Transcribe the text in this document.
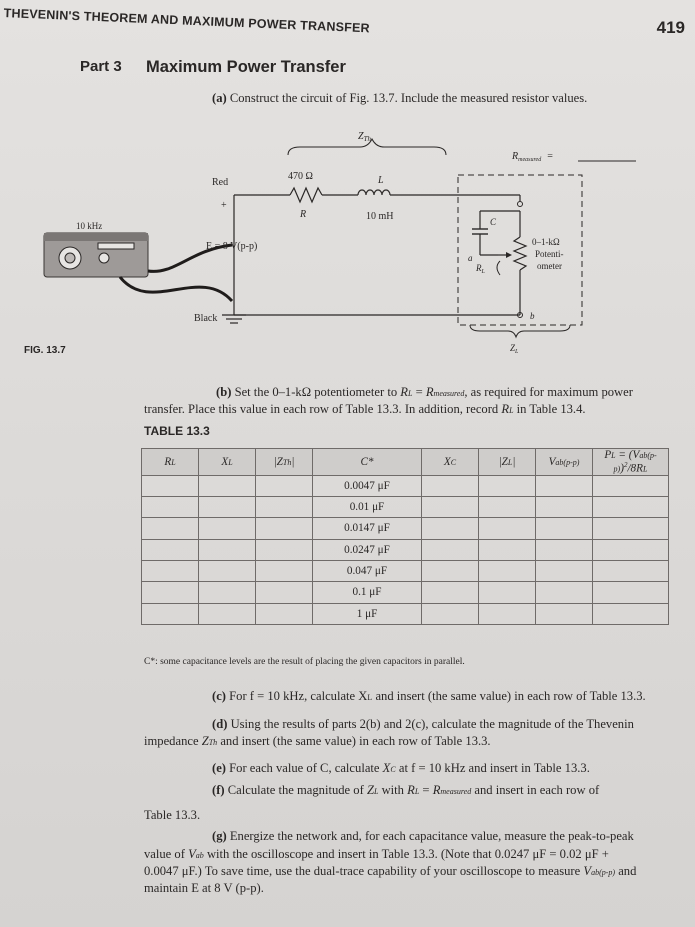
THEVENIN'S THEOREM AND MAXIMUM POWER TRANSFER	419
Part 3 Maximum Power Transfer
(a) Construct the circuit of Fig. 13.7. Include the measured resistor values.
$Z_{Th}$
$R_{measured}$ =
10 kHz
Red
+
E = 8 V(p-p)
Black
470 Ω
R
L
10 mH	C
a
$R_L$
0–1-kΩ
Potenti-
ometer
b
$Z_L$
FIG. 13.7
(b) Set the 0–1-kΩ potentiometer to RL = Rmeasured, as required for maximum power
transfer. Place this value in each row of Table 13.3. In addition, record RL in Table 13.4.
TABLE 13.3
RL	XL	|ZTh|	C*	XC	|ZL|	Vab(p-p)	PL = $(Vab(p-p))^2/8RL$
			0.0047 μF				
			0.01 μF				
			0.0147 μF				
			0.0247 μF				
			0.047 μF				
			0.1 μF				
			1 μF				
C*: some capacitance levels are the result of placing the given capacitors in parallel.
(c) For f = 10 kHz, calculate XL and insert (the same value) in each row of Table 13.3.
(d) Using the results of parts 2(b) and 2(c), calculate the magnitude of the Thevenin
impedance ZTh and insert (the same value) in each row of Table 13.3.
(e) For each value of C, calculate XC at f = 10 kHz and insert in Table 13.3.
(f) Calculate the magnitude of ZL with RL = Rmeasured and insert in each row of
Table 13.3.
(g) Energize the network and, for each capacitance value, measure the peak-to-peak
value of Vab with the oscilloscope and insert in Table 13.3. (Note that 0.0247 μF = 0.02 μF +
0.0047 μF.) To save time, use the dual-trace capability of your oscilloscope to measure Vab(p-p) and
maintain E at 8 V (p-p).
